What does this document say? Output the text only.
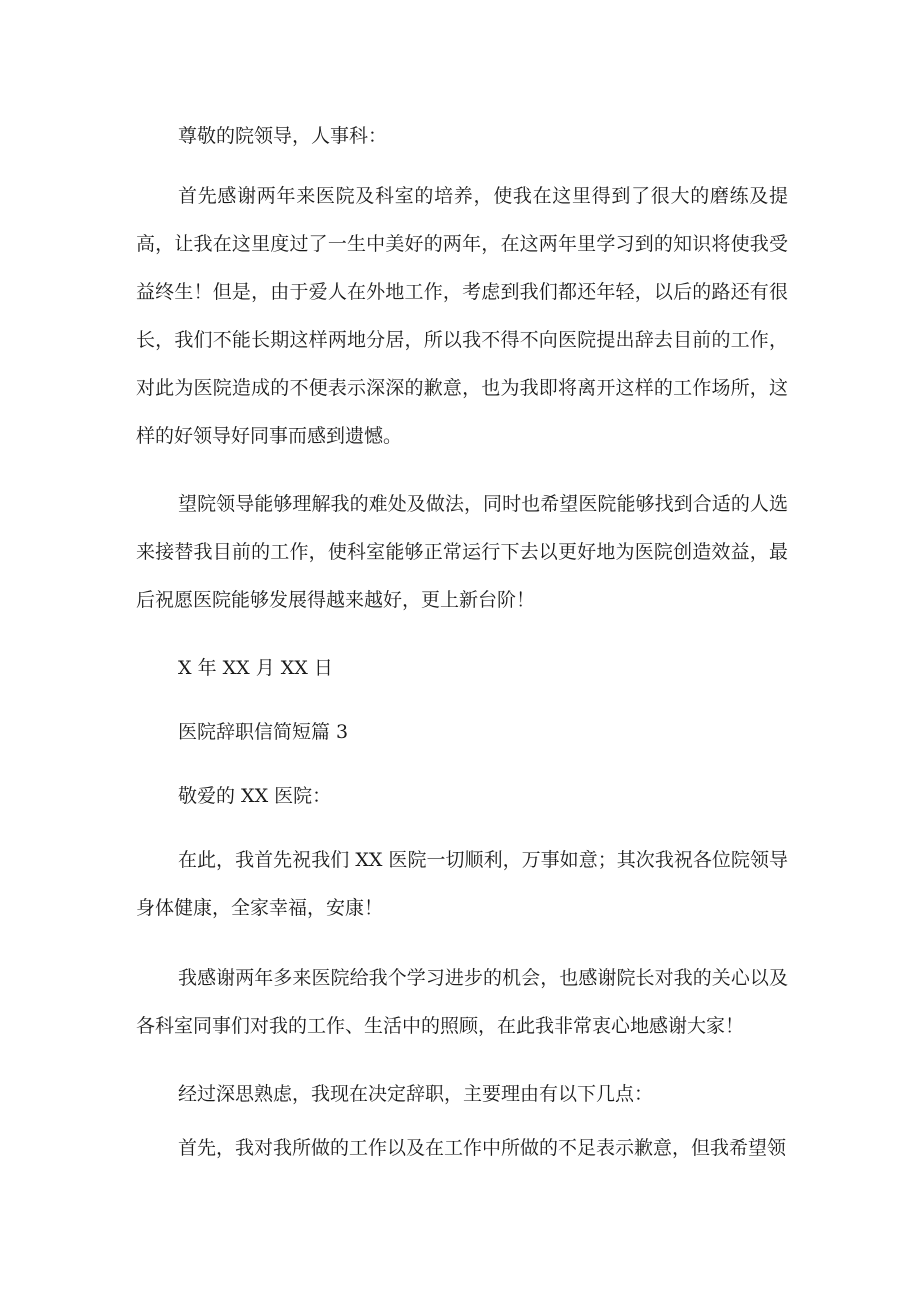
尊敬的院领导，人事科：
首先感谢两年来医院及科室的培养，使我在这里得到了很大的磨练及提高，让我在这里度过了一生中美好的两年，在这两年里学习到的知识将使我受益终生！但是，由于爱人在外地工作，考虑到我们都还年轻，以后的路还有很长，我们不能长期这样两地分居，所以我不得不向医院提出辞去目前的工作，对此为医院造成的不便表示深深的歉意，也为我即将离开这样的工作场所，这样的好领导好同事而感到遗憾。
望院领导能够理解我的难处及做法，同时也希望医院能够找到合适的人选来接替我目前的工作，使科室能够正常运行下去以更好地为医院创造效益，最后祝愿医院能够发展得越来越好，更上新台阶！
X 年 XX 月 XX 日
医院辞职信简短篇 3
敬爱的 XX 医院：
在此，我首先祝我们 XX 医院一切顺利，万事如意；其次我祝各位院领导身体健康，全家幸福，安康！
我感谢两年多来医院给我个学习进步的机会，也感谢院长对我的关心以及各科室同事们对我的工作、生活中的照顾，在此我非常衷心地感谢大家！
经过深思熟虑，我现在决定辞职，主要理由有以下几点：
首先，我对我所做的工作以及在工作中所做的不足表示歉意，但我希望领
